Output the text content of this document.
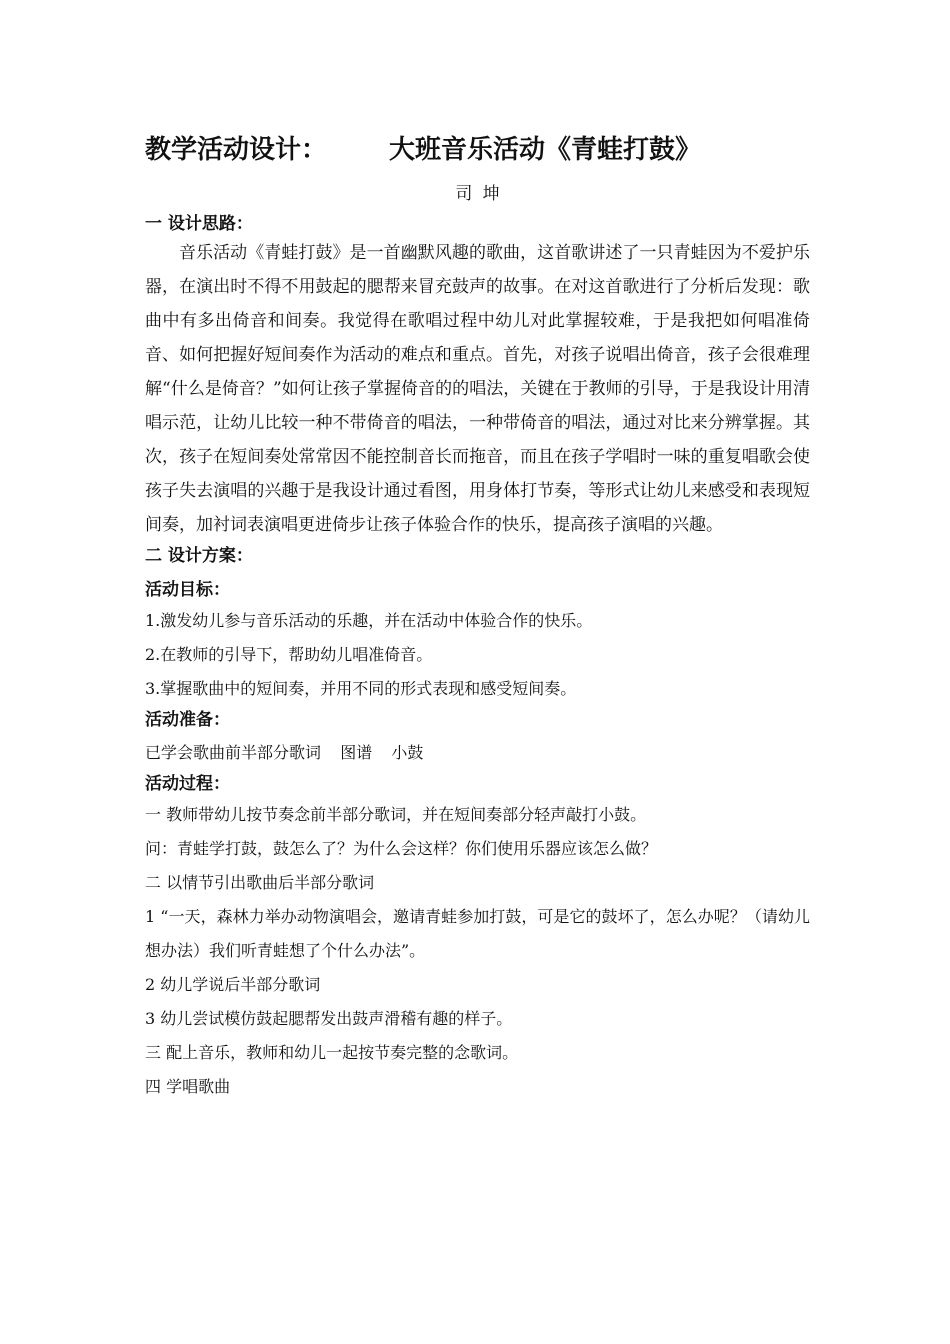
教学活动设计： 大班音乐活动《青蛙打鼓》
司坤
一 设计思路：
音乐活动《青蛙打鼓》是一首幽默风趣的歌曲，这首歌讲述了一只青蛙因为不爱护乐器，在演出时不得不用鼓起的腮帮来冒充鼓声的故事。在对这首歌进行了分析后发现：歌曲中有多出倚音和间奏。我觉得在歌唱过程中幼儿对此掌握较难，于是我把如何唱准倚音、如何把握好短间奏作为活动的难点和重点。首先，对孩子说唱出倚音，孩子会很难理解“什么是倚音？”如何让孩子掌握倚音的的唱法，关键在于教师的引导，于是我设计用清唱示范，让幼儿比较一种不带倚音的唱法，一种带倚音的唱法，通过对比来分辨掌握。其次，孩子在短间奏处常常因不能控制音长而拖音，而且在孩子学唱时一味的重复唱歌会使孩子失去演唱的兴趣于是我设计通过看图，用身体打节奏，等形式让幼儿来感受和表现短间奏，加衬词表演唱更进倚步让孩子体验合作的快乐，提高孩子演唱的兴趣。
二 设计方案：
活动目标：
1.激发幼儿参与音乐活动的乐趣，并在活动中体验合作的快乐。
2.在教师的引导下，帮助幼儿唱准倚音。
3.掌握歌曲中的短间奏，并用不同的形式表现和感受短间奏。
活动准备：
已学会歌曲前半部分歌词 图谱 小鼓
活动过程：
一 教师带幼儿按节奏念前半部分歌词，并在短间奏部分轻声敲打小鼓。
问：青蛙学打鼓，鼓怎么了？为什么会这样？你们使用乐器应该怎么做？
二 以情节引出歌曲后半部分歌词
1 “一天，森林力举办动物演唱会，邀请青蛙参加打鼓，可是它的鼓坏了，怎么办呢？（请幼儿想办法）我们听青蛙想了个什么办法”。
2 幼儿学说后半部分歌词
3 幼儿尝试模仿鼓起腮帮发出鼓声滑稽有趣的样子。
三 配上音乐，教师和幼儿一起按节奏完整的念歌词。
四 学唱歌曲
